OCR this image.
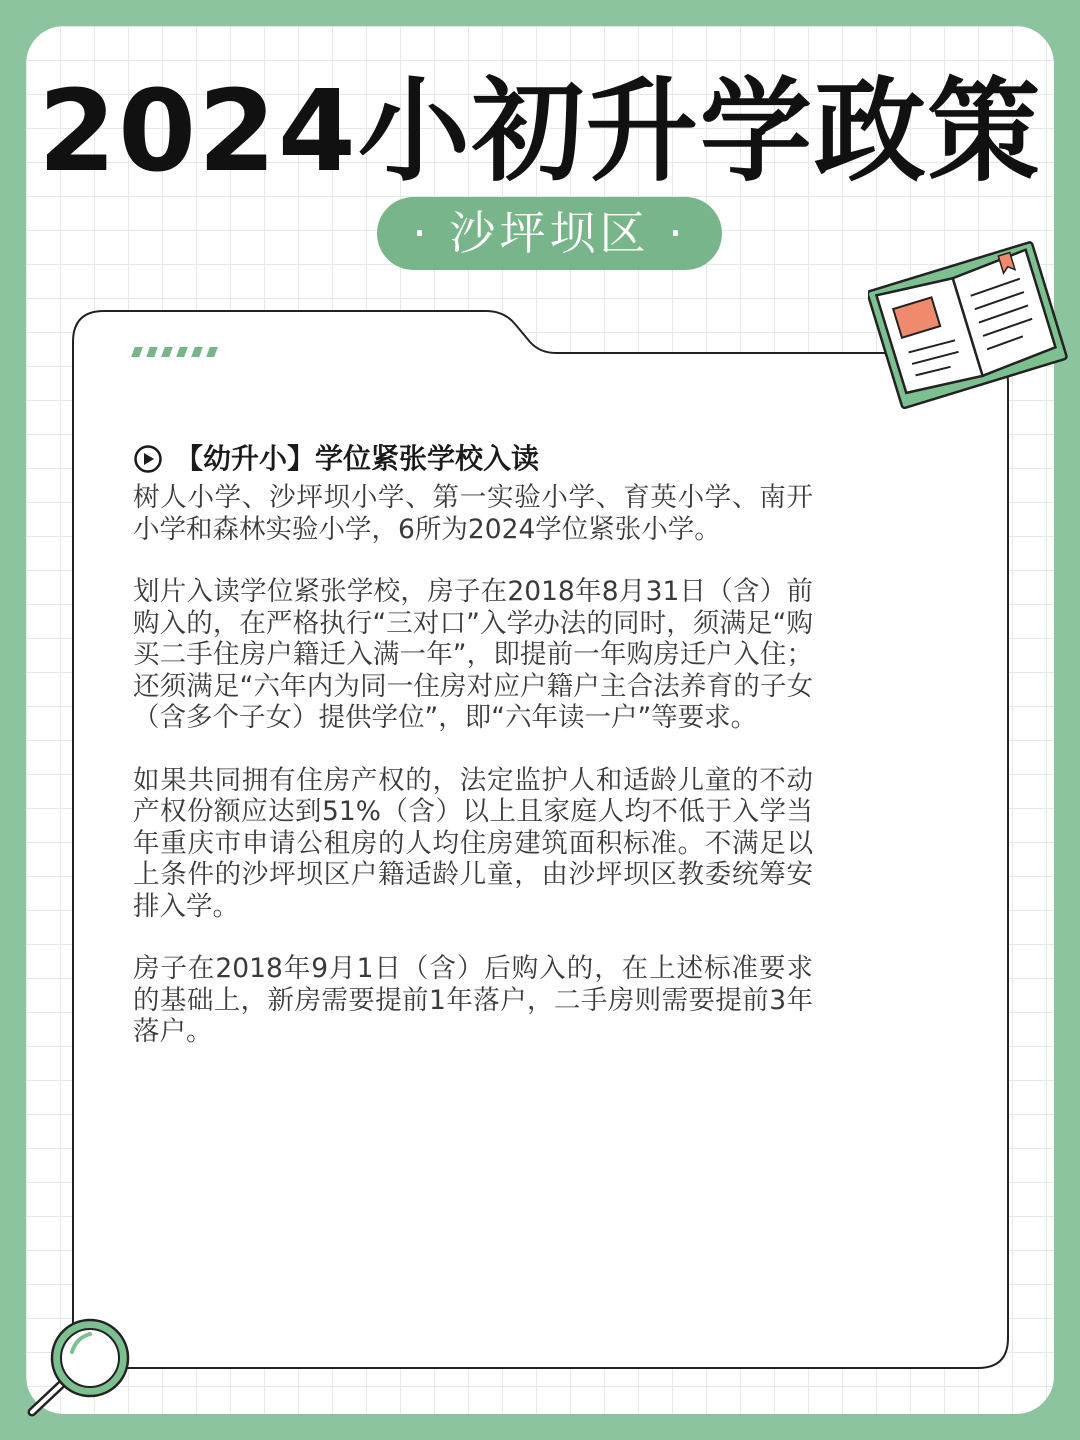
2024小初升学政策
· 沙坪坝区 ·
【幼升小】学位紧张学校入读

树人小学、沙坪坝小学、第一实验小学、育英小学、南开小学和森林实验小学，6所为2024学位紧张小学。

划片入读学位紧张学校，房子在2018年8月31日（含）前购入的，在严格执行“三对口”入学办法的同时，须满足“购买二手住房户籍迁入满一年”，即提前一年购房迁户入住；还须满足“六年内为同一住房对应户籍户主合法养育的子女（含多个子女）提供学位”，即“六年读一户”等要求。

如果共同拥有住房产权的，法定监护人和适龄儿童的不动产权份额应达到51%（含）以上且家庭人均不低于入学当年重庆市申请公租房的人均住房建筑面积标准。不满足以上条件的沙坪坝区户籍适龄儿童，由沙坪坝区教委统筹安排入学。

房子在2018年9月1日（含）后购入的，在上述标准要求的基础上，新房需要提前1年落户，二手房则需要提前3年落户。
